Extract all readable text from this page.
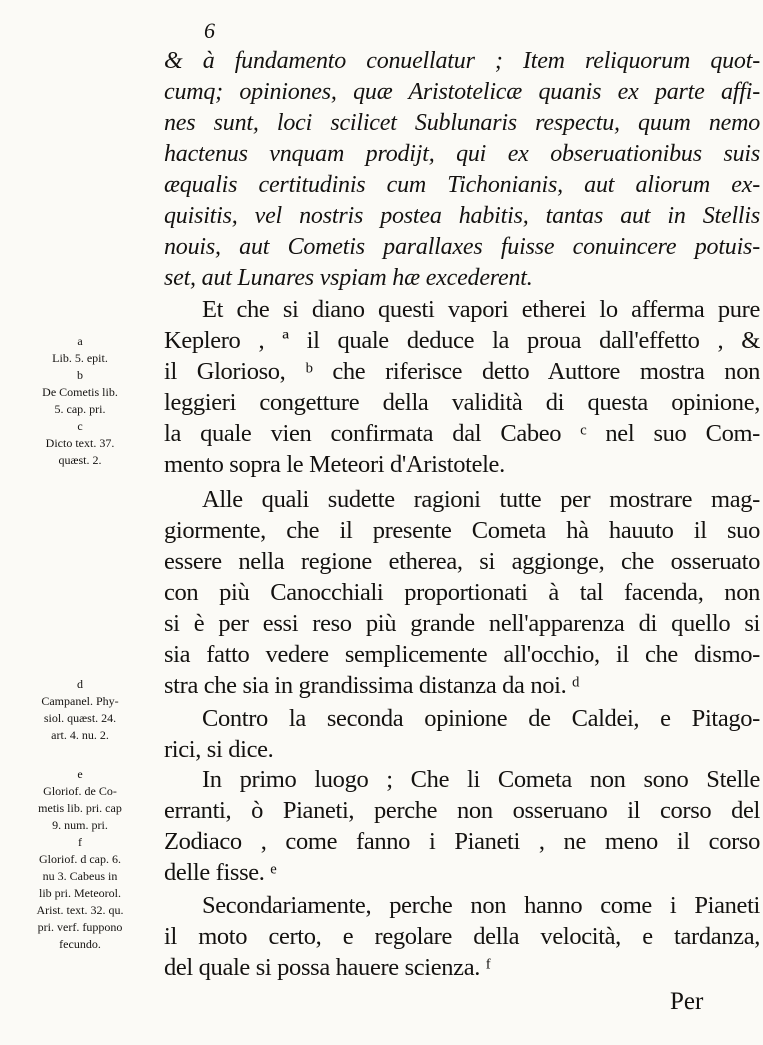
6
& à fundamento conuellatur ; Item reliquorum quot-
cumq; opiniones, quæ Aristotelicæ quanis ex parte affi-
nes sunt, loci scilicet Sublunaris respectu, quum nemo
hactenus vnquam prodijt, qui ex obseruationibus suis
æqualis certitudinis cum Tichonianis, aut aliorum ex-
quisitis, vel nostris postea habitis, tantas aut in Stellis
nouis, aut Cometis parallaxes fuisse conuincere potuis-
set, aut Lunares vspiam hæ excederent.
Et che si diano questi vapori etherei lo afferma pure
Keplero , ª il quale deduce la proua dall'effetto , &
il Glorioso, ᵇ che riferisce detto Auttore mostra non
leggieri congetture della validità di questa opinione,
la quale vien confirmata dal Cabeo ᶜ nel suo Com-
mento sopra le Meteori d'Aristotele.
Alle quali sudette ragioni tutte per mostrare mag-
giormente, che il presente Cometa hà hauuto il suo
essere nella regione etherea, si aggionge, che osseruato
con più Canocchiali proportionati à tal facenda, non
si è per essi reso più grande nell'apparenza di quello si
sia fatto vedere semplicemente all'occhio, il che dismo-
stra che sia in grandissima distanza da noi. ᵈ
Contro la seconda opinione de Caldei, e Pitago-
rici, si dice.
In primo luogo ; Che li Cometa non sono Stelle
erranti, ò Pianeti, perche non osseruano il corso del
Zodiaco , come fanno i Pianeti , ne meno il corso
delle fisse. ᵉ
Secondariamente, perche non hanno come i Pianeti
il moto certo, e regolare della velocità, e tardanza,
del quale si possa hauere scienza. ᶠ
a
Lib. 5. epit.
b
De Cometis lib.
5. cap. pri.
c
Dicto text. 37.
quæst. 2.
d
Campanel. Phy-
siol. quæst. 24.
art. 4. nu. 2.
e
Gloriof. de Co-
metis lib. pri. cap
9. num. pri.
f
Gloriof. d cap. 6.
nu 3. Cabeus in
lib pri. Meteorol.
Arist. text. 32. qu.
pri. verf. fuppono
fecundo.
Per
